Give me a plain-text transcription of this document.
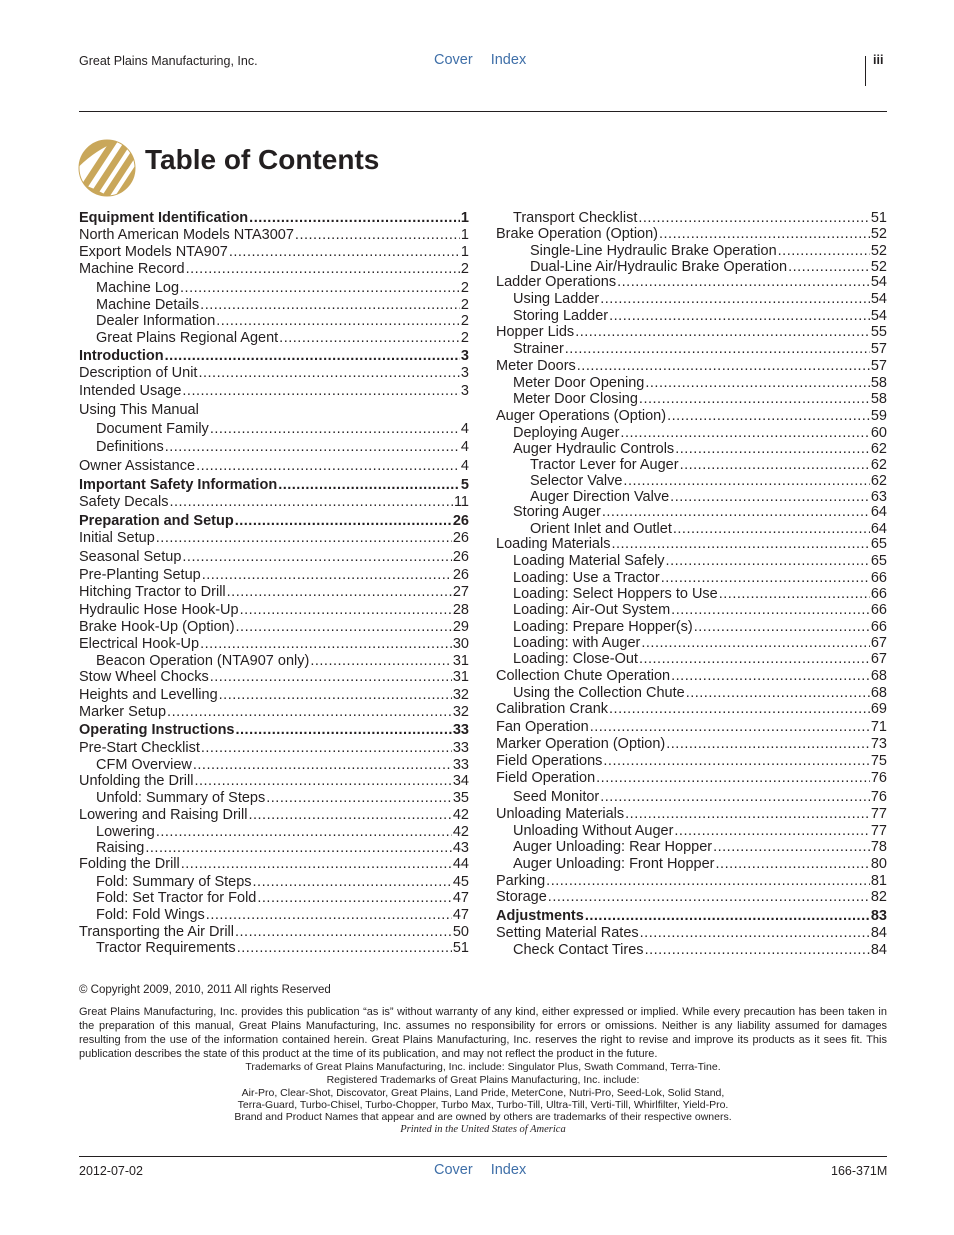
Great Plains Manufacturing, Inc.	Cover Index	iii
Table of Contents
Equipment Identification .....	1
North American Models NTA3007 .....	1
Export Models NTA907 .....	1
Machine Record .....	2
Machine Log .....	2
Machine Details .....	2
Dealer Information .....	2
Great Plains Regional Agent .....	2
Introduction .....	3
Description of Unit .....	3
Intended Usage .....	3
Using This Manual
Document Family .....	4
Definitions .....	4
Owner Assistance .....	4
Important Safety Information .....	5
Safety Decals .....	11
Preparation and Setup .....	26
Initial Setup .....	26
Seasonal Setup .....	26
Pre-Planting Setup .....	26
Hitching Tractor to Drill .....	27
Hydraulic Hose Hook-Up .....	28
Brake Hook-Up (Option) .....	29
Electrical Hook-Up .....	30
Beacon Operation (NTA907 only) .....	31
Stow Wheel Chocks .....	31
Heights and Levelling .....	32
Marker Setup .....	32
Operating Instructions .....	33
Pre-Start Checklist .....	33
CFM Overview .....	33
Unfolding the Drill .....	34
Unfold: Summary of Steps .....	35
Lowering and Raising Drill .....	42
Lowering .....	42
Raising .....	43
Folding the Drill .....	44
Fold: Summary of Steps .....	45
Fold: Set Tractor for Fold .....	47
Fold: Fold Wings .....	47
Transporting the Air Drill .....	50
Tractor Requirements .....	51
Transport Checklist .....	51
Brake Operation (Option) .....	52
Single-Line Hydraulic Brake Operation .....	52
Dual-Line Air/Hydraulic Brake Operation .....	52
Ladder Operations .....	54
Using Ladder .....	54
Storing Ladder .....	54
Hopper Lids .....	55
Strainer .....	57
Meter Doors .....	57
Meter Door Opening .....	58
Meter Door Closing .....	58
Auger Operations (Option) .....	59
Deploying Auger .....	60
Auger Hydraulic Controls .....	62
Tractor Lever for Auger .....	62
Selector Valve .....	62
Auger Direction Valve .....	63
Storing Auger .....	64
Orient Inlet and Outlet .....	64
Loading Materials .....	65
Loading Material Safely .....	65
Loading: Use a Tractor .....	66
Loading: Select Hoppers to Use .....	66
Loading: Air-Out System .....	66
Loading: Prepare Hopper(s) .....	66
Loading: with Auger .....	67
Loading: Close-Out .....	67
Collection Chute Operation .....	68
Using the Collection Chute .....	68
Calibration Crank .....	69
Fan Operation .....	71
Marker Operation (Option) .....	73
Field Operations .....	75
Field Operation .....	76
Seed Monitor .....	76
Unloading Materials .....	77
Unloading Without Auger .....	77
Auger Unloading: Rear Hopper .....	78
Auger Unloading: Front Hopper .....	80
Parking .....	81
Storage .....	82
Adjustments .....	83
Setting Material Rates .....	84
Check Contact Tires .....	84
© Copyright 2009, 2010, 2011 All rights Reserved
Great Plains Manufacturing, Inc. provides this publication “as is” without warranty of any kind, either expressed or implied. While every precaution has been taken in the preparation of this manual, Great Plains Manufacturing, Inc. assumes no responsibility for errors or omissions. Neither is any liability assumed for damages resulting from the use of the information contained herein. Great Plains Manufacturing, Inc. reserves the right to revise and improve its products as it sees fit. This publication describes the state of this product at the time of its publication, and may not reflect the product in the future.
Trademarks of Great Plains Manufacturing, Inc. include: Singulator Plus, Swath Command, Terra-Tine.
Registered Trademarks of Great Plains Manufacturing, Inc. include:
Air-Pro, Clear-Shot, Discovator, Great Plains, Land Pride, MeterCone, Nutri-Pro, Seed-Lok, Solid Stand,
Terra-Guard, Turbo-Chisel, Turbo-Chopper, Turbo Max, Turbo-Till, Ultra-Till, Verti-Till, Whirlfilter, Yield-Pro.
Brand and Product Names that appear and are owned by others are trademarks of their respective owners.
Printed in the United States of America
2012-07-02	Cover Index	166-371M
